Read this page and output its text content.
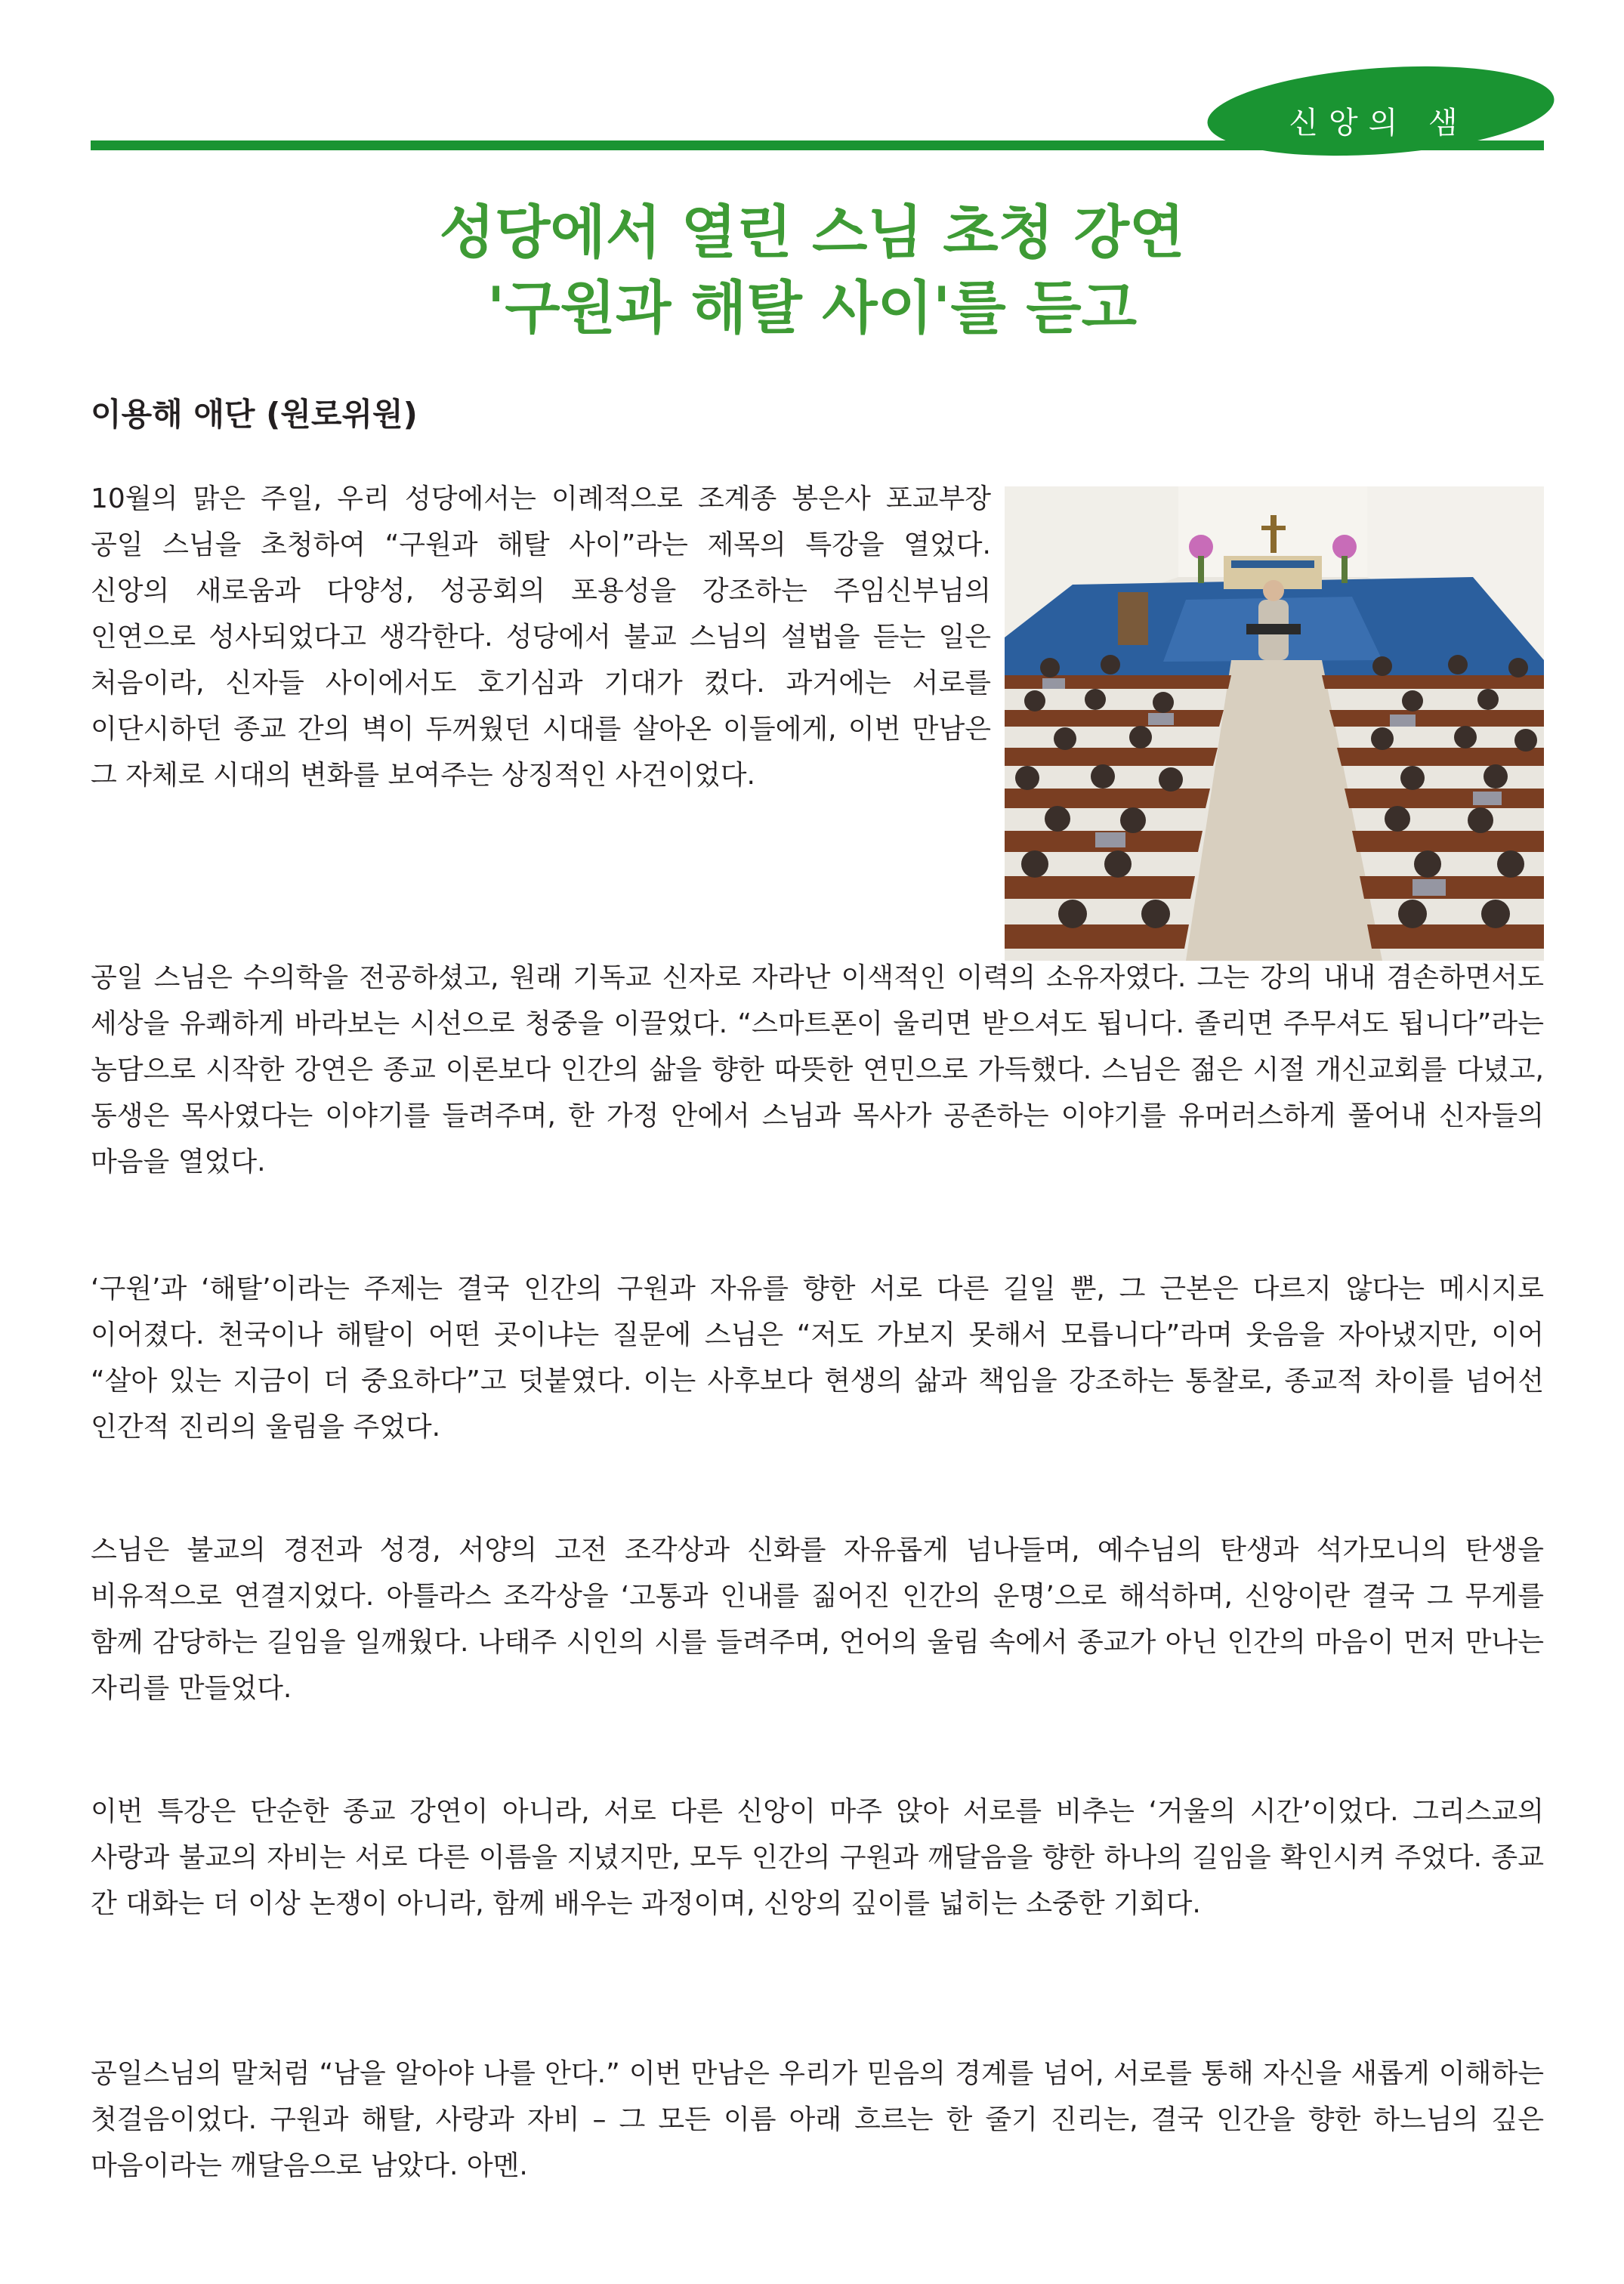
신앙의 샘
성당에서 열린 스님 초청 강연
'구원과 해탈 사이'를 듣고
이용해 애단 (원로위원)
10월의 맑은 주일, 우리 성당에서는 이례적으로 조계종 봉은사 포교부장 공일 스님을 초청하여 “구원과 해탈 사이”라는 제목의 특강을 열었다. 신앙의 새로움과 다양성, 성공회의 포용성을 강조하는 주임신부님의 인연으로 성사되었다고 생각한다. 성당에서 불교 스님의 설법을 듣는 일은 처음이라, 신자들 사이에서도 호기심과 기대가 컸다. 과거에는 서로를 이단시하던 종교 간의 벽이 두꺼웠던 시대를 살아온 이들에게, 이번 만남은 그 자체로 시대의 변화를 보여주는 상징적인 사건이었다.
공일 스님은 수의학을 전공하셨고, 원래 기독교 신자로 자라난 이색적인 이력의 소유자였다. 그는 강의 내내 겸손하면서도 세상을 유쾌하게 바라보는 시선으로 청중을 이끌었다. “스마트폰이 울리면 받으셔도 됩니다. 졸리면 주무셔도 됩니다”라는 농담으로 시작한 강연은 종교 이론보다 인간의 삶을 향한 따뜻한 연민으로 가득했다. 스님은 젊은 시절 개신교회를 다녔고, 동생은 목사였다는 이야기를 들려주며, 한 가정 안에서 스님과 목사가 공존하는 이야기를 유머러스하게 풀어내 신자들의 마음을 열었다.
‘구원’과 ‘해탈’이라는 주제는 결국 인간의 구원과 자유를 향한 서로 다른 길일 뿐, 그 근본은 다르지 않다는 메시지로 이어졌다. 천국이나 해탈이 어떤 곳이냐는 질문에 스님은 “저도 가보지 못해서 모릅니다”라며 웃음을 자아냈지만, 이어 “살아 있는 지금이 더 중요하다”고 덧붙였다. 이는 사후보다 현생의 삶과 책임을 강조하는 통찰로, 종교적 차이를 넘어선 인간적 진리의 울림을 주었다.
스님은 불교의 경전과 성경, 서양의 고전 조각상과 신화를 자유롭게 넘나들며, 예수님의 탄생과 석가모니의 탄생을 비유적으로 연결지었다. 아틀라스 조각상을 ‘고통과 인내를 짊어진 인간의 운명’으로 해석하며, 신앙이란 결국 그 무게를 함께 감당하는 길임을 일깨웠다. 나태주 시인의 시를 들려주며, 언어의 울림 속에서 종교가 아닌 인간의 마음이 먼저 만나는 자리를 만들었다.
이번 특강은 단순한 종교 강연이 아니라, 서로 다른 신앙이 마주 앉아 서로를 비추는 ‘거울의 시간’이었다. 그리스교의 사랑과 불교의 자비는 서로 다른 이름을 지녔지만, 모두 인간의 구원과 깨달음을 향한 하나의 길임을 확인시켜 주었다. 종교 간 대화는 더 이상 논쟁이 아니라, 함께 배우는 과정이며, 신앙의 깊이를 넓히는 소중한 기회다.
공일스님의 말처럼 “남을 알아야 나를 안다.” 이번 만남은 우리가 믿음의 경계를 넘어, 서로를 통해 자신을 새롭게 이해하는 첫걸음이었다. 구원과 해탈, 사랑과 자비 – 그 모든 이름 아래 흐르는 한 줄기 진리는, 결국 인간을 향한 하느님의 깊은 마음이라는 깨달음으로 남았다. 아멘.
